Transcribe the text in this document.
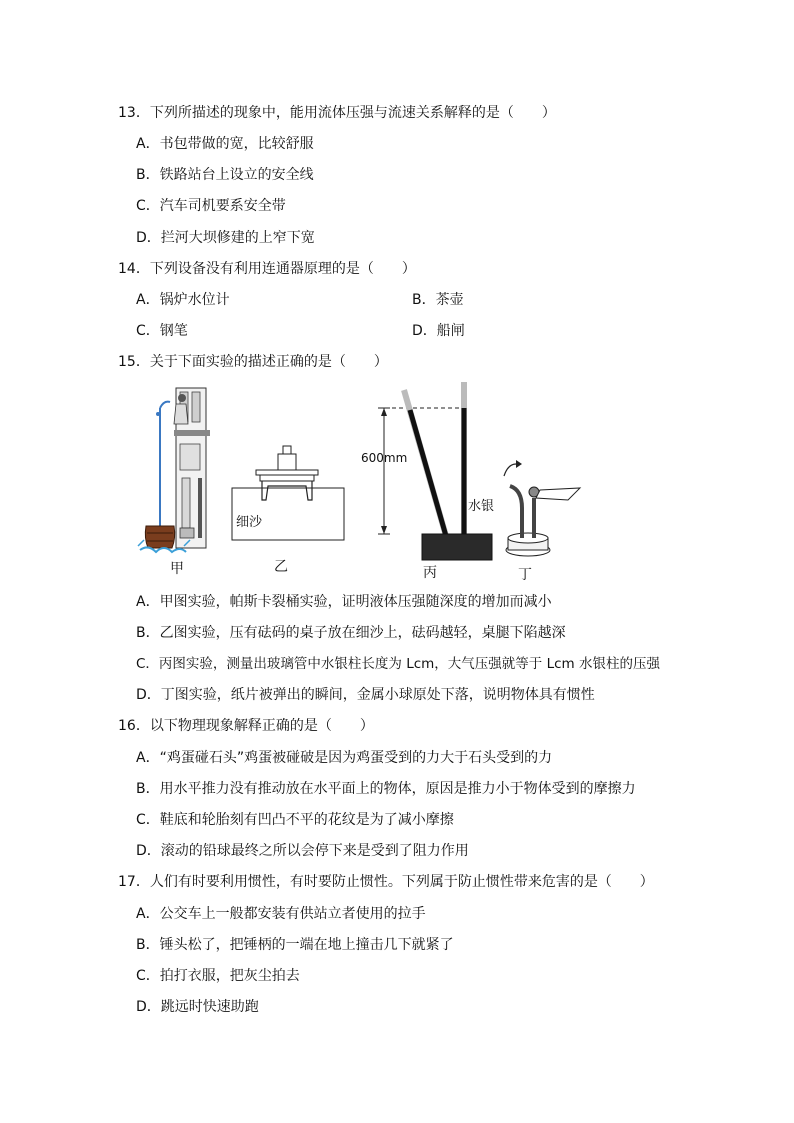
13．下列所描述的现象中，能用流体压强与流速关系解释的是（　　）
A．书包带做的宽，比较舒服
B．铁路站台上设立的安全线
C．汽车司机要系安全带
D．拦河大坝修建的上窄下宽
14．下列设备没有利用连通器原理的是（　　）
A．锅炉水位计	B．茶壶
C．钢笔	D．船闸
15．关于下面实验的描述正确的是（　　）
甲	乙	丙	丁
细沙
600mm
水银
A．甲图实验，帕斯卡裂桶实验，证明液体压强随深度的增加而减小
B．乙图实验，压有砝码的桌子放在细沙上，砝码越轻，桌腿下陷越深
C．丙图实验，测量出玻璃管中水银柱长度为 Lcm，大气压强就等于 Lcm 水银柱的压强
D．丁图实验，纸片被弹出的瞬间，金属小球原处下落，说明物体具有惯性
16．以下物理现象解释正确的是（　　）
A．“鸡蛋碰石头”鸡蛋被碰破是因为鸡蛋受到的力大于石头受到的力
B．用水平推力没有推动放在水平面上的物体，原因是推力小于物体受到的摩擦力
C．鞋底和轮胎刻有凹凸不平的花纹是为了减小摩擦
D．滚动的铅球最终之所以会停下来是受到了阻力作用
17．人们有时要利用惯性，有时要防止惯性。下列属于防止惯性带来危害的是（　　）
A．公交车上一般都安装有供站立者使用的拉手
B．锤头松了，把锤柄的一端在地上撞击几下就紧了
C．拍打衣服，把灰尘拍去
D．跳远时快速助跑
